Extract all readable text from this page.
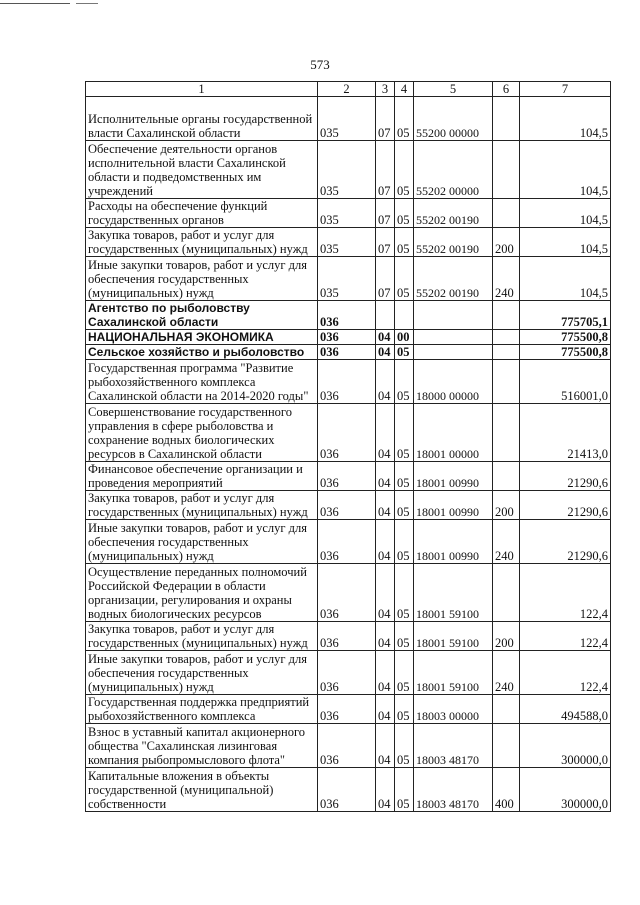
573
1	2	3	4	5	6	7
Исполнительные органы государственной власти Сахалинской области	035	07	05	55200 00000		104,5
Обеспечение деятельности органов исполнительной власти Сахалинской области и подведомственных им учреждений	035	07	05	55202 00000		104,5
Расходы на обеспечение функций государственных органов	035	07	05	55202 00190		104,5
Закупка товаров, работ и услуг для государственных (муниципальных) нужд	035	07	05	55202 00190	200	104,5
Иные закупки товаров, работ и услуг для обеспечения государственных (муниципальных) нужд	035	07	05	55202 00190	240	104,5
Агентство по рыболовству Сахалинской области	036					775705,1
НАЦИОНАЛЬНАЯ ЭКОНОМИКА	036	04	00			775500,8
Сельское хозяйство и рыболовство	036	04	05			775500,8
Государственная программа "Развитие рыбохозяйственного комплекса Сахалинской области на 2014-2020 годы"	036	04	05	18000 00000		516001,0
Совершенствование государственного управления в сфере рыболовства и сохранение водных биологических ресурсов в Сахалинской области	036	04	05	18001 00000		21413,0
Финансовое обеспечение организации и проведения мероприятий	036	04	05	18001 00990		21290,6
Закупка товаров, работ и услуг для государственных (муниципальных) нужд	036	04	05	18001 00990	200	21290,6
Иные закупки товаров, работ и услуг для обеспечения государственных (муниципальных) нужд	036	04	05	18001 00990	240	21290,6
Осуществление переданных полномочий Российской Федерации в области организации, регулирования и охраны водных биологических ресурсов	036	04	05	18001 59100		122,4
Закупка товаров, работ и услуг для государственных (муниципальных) нужд	036	04	05	18001 59100	200	122,4
Иные закупки товаров, работ и услуг для обеспечения государственных (муниципальных) нужд	036	04	05	18001 59100	240	122,4
Государственная поддержка предприятий рыбохозяйственного комплекса	036	04	05	18003 00000		494588,0
Взнос в уставный капитал акционерного общества "Сахалинская лизинговая компания рыбопромыслового флота"	036	04	05	18003 48170		300000,0
Капитальные вложения в объекты государственной (муниципальной) собственности	036	04	05	18003 48170	400	300000,0
